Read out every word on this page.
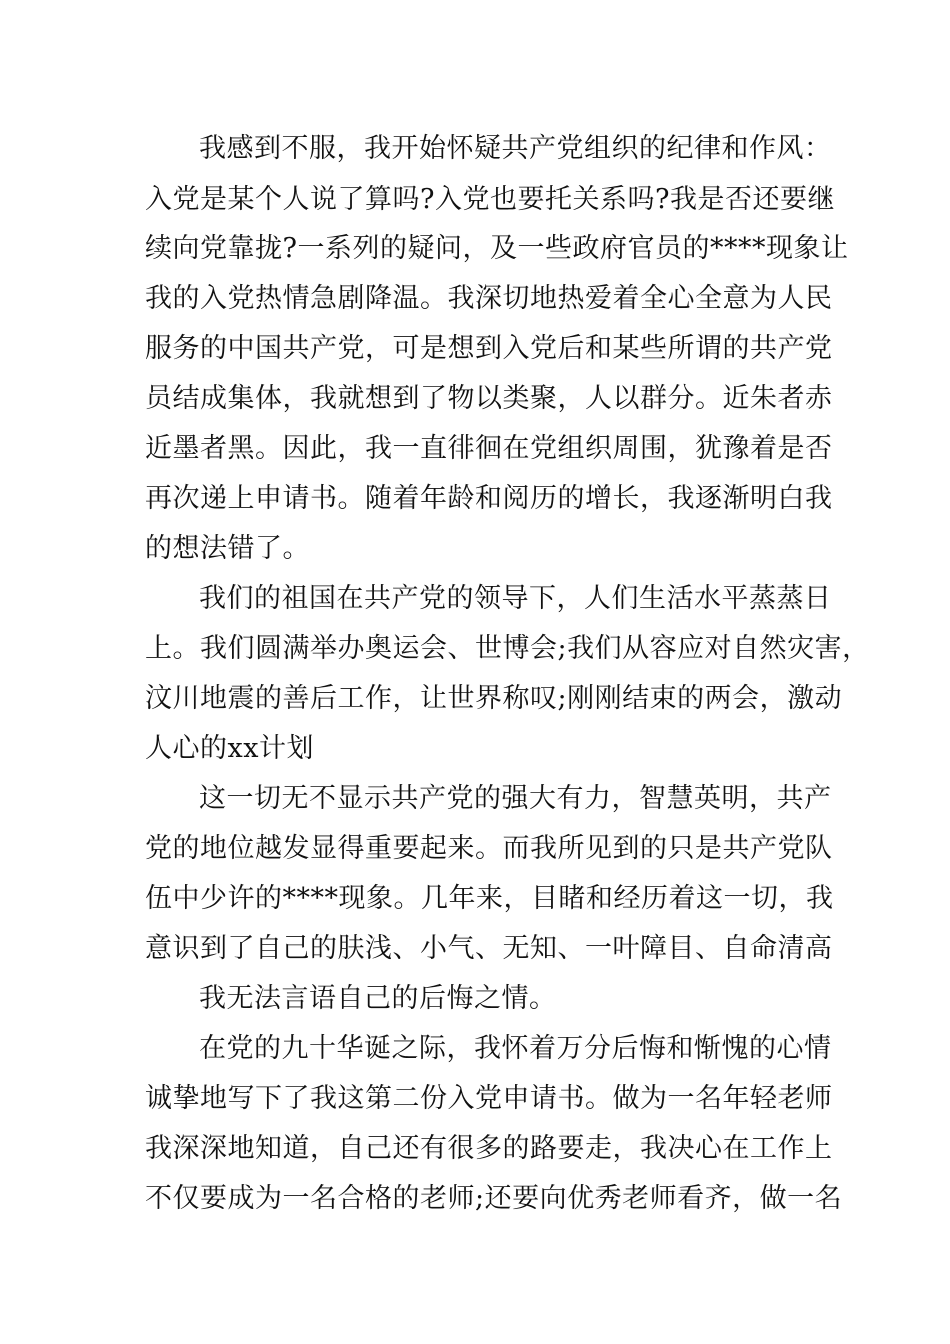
我感到不服，我开始怀疑共产党组织的纪律和作风：
入党是某个人说了算吗?入党也要托关系吗?我是否还要继
续向党靠拢?一系列的疑问，及一些政府官员的****现象让
我的入党热情急剧降温。我深切地热爱着全心全意为人民
服务的中国共产党，可是想到入党后和某些所谓的共产党
员结成集体，我就想到了物以类聚，人以群分。近朱者赤
近墨者黑。因此，我一直徘徊在党组织周围，犹豫着是否
再次递上申请书。随着年龄和阅历的增长，我逐渐明白我
的想法错了。
我们的祖国在共产党的领导下，人们生活水平蒸蒸日
上。我们圆满举办奥运会、世博会;我们从容应对自然灾害，
汶川地震的善后工作，让世界称叹;刚刚结束的两会，激动
人心的xx计划
这一切无不显示共产党的强大有力，智慧英明，共产
党的地位越发显得重要起来。而我所见到的只是共产党队
伍中少许的****现象。几年来，目睹和经历着这一切，我
意识到了自己的肤浅、小气、无知、一叶障目、自命清高
我无法言语自己的后悔之情。
在党的九十华诞之际，我怀着万分后悔和惭愧的心情
诚挚地写下了我这第二份入党申请书。做为一名年轻老师
我深深地知道，自己还有很多的路要走，我决心在工作上
不仅要成为一名合格的老师;还要向优秀老师看齐，做一名
